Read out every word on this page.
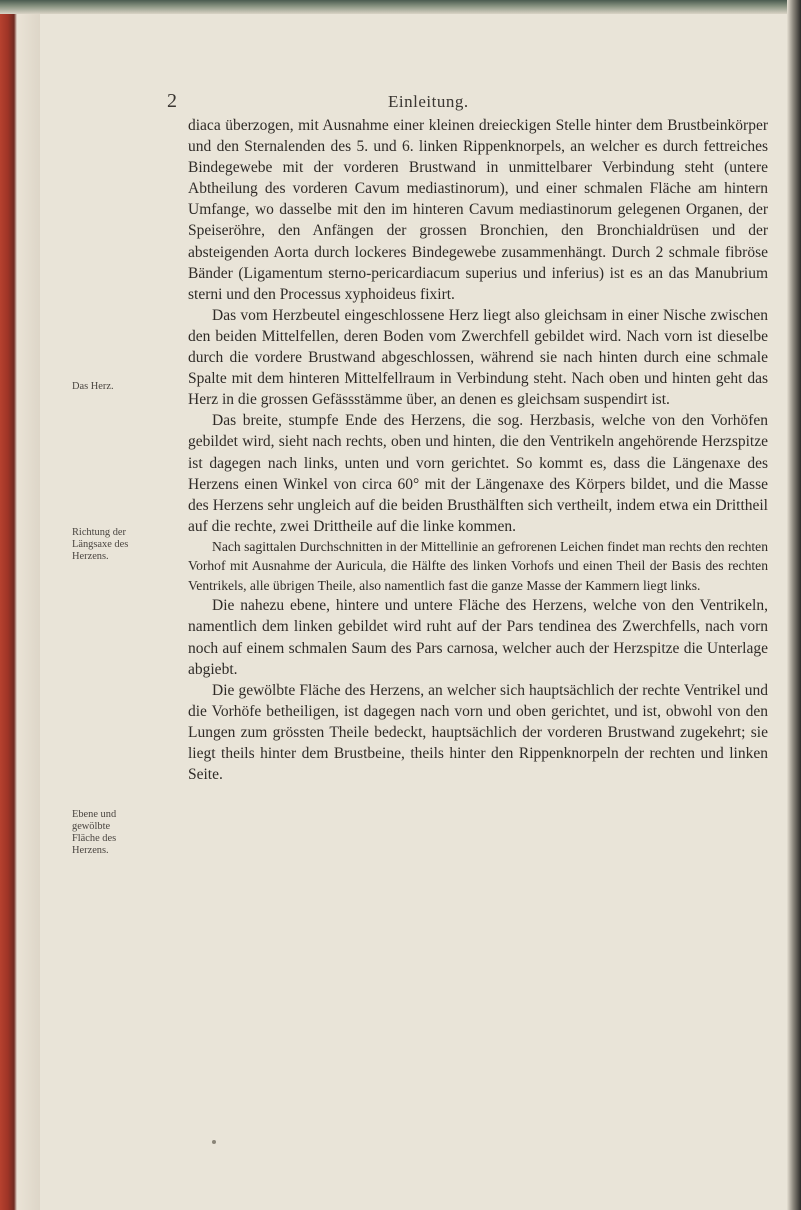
2	Einleitung.
Das Herz.
Richtung der Längsaxe des Herzens.
Ebene und gewölbte Fläche des Herzens.

diaca überzogen, mit Ausnahme einer kleinen dreieckigen Stelle hinter dem Brustbeinkörper und den Sternalenden des 5. und 6. linken Rippenknorpels, an welcher es durch fettreiches Bindegewebe mit der vorderen Brustwand in unmittelbarer Verbindung steht (untere Abtheilung des vorderen Cavum mediastinorum), und einer schmalen Fläche am hintern Umfange, wo dasselbe mit den im hinteren Cavum mediastinorum gelegenen Organen, der Speiseröhre, den Anfängen der grossen Bronchien, den Bronchialdrüsen und der absteigenden Aorta durch lockeres Bindegewebe zusammenhängt. Durch 2 schmale fibröse Bänder (Ligamentum sterno-pericardiacum superius und inferius) ist es an das Manubrium sterni und den Processus xyphoideus fixirt.

Das vom Herzbeutel eingeschlossene Herz liegt also gleichsam in einer Nische zwischen den beiden Mittelfellen, deren Boden vom Zwerchfell gebildet wird. Nach vorn ist dieselbe durch die vordere Brustwand abgeschlossen, während sie nach hinten durch eine schmale Spalte mit dem hinteren Mittelfellraum in Verbindung steht. Nach oben und hinten geht das Herz in die grossen Gefässstämme über, an denen es gleichsam suspendirt ist.

Das breite, stumpfe Ende des Herzens, die sog. Herzbasis, welche von den Vorhöfen gebildet wird, sieht nach rechts, oben und hinten, die den Ventrikeln angehörende Herzspitze ist dagegen nach links, unten und vorn gerichtet. So kommt es, dass die Längenaxe des Herzens einen Winkel von circa 60° mit der Längenaxe des Körpers bildet, und die Masse des Herzens sehr ungleich auf die beiden Brusthälften sich vertheilt, indem etwa ein Drittheil auf die rechte, zwei Drittheile auf die linke kommen.

Nach sagittalen Durchschnitten in der Mittellinie an gefrorenen Leichen findet man rechts den rechten Vorhof mit Ausnahme der Auricula, die Hälfte des linken Vorhofs und einen Theil der Basis des rechten Ventrikels, alle übrigen Theile, also namentlich fast die ganze Masse der Kammern liegt links.

Die nahezu ebene, hintere und untere Fläche des Herzens, welche von den Ventrikeln, namentlich dem linken gebildet wird ruht auf der Pars tendinea des Zwerchfells, nach vorn noch auf einem schmalen Saum des Pars carnosa, welcher auch der Herzspitze die Unterlage abgiebt.

Die gewölbte Fläche des Herzens, an welcher sich hauptsächlich der rechte Ventrikel und die Vorhöfe betheiligen, ist dagegen nach vorn und oben gerichtet, und ist, obwohl von den Lungen zum grössten Theile bedeckt, hauptsächlich der vorderen Brustwand zugekehrt; sie liegt theils hinter dem Brustbeine, theils hinter den Rippenknorpeln der rechten und linken Seite.
